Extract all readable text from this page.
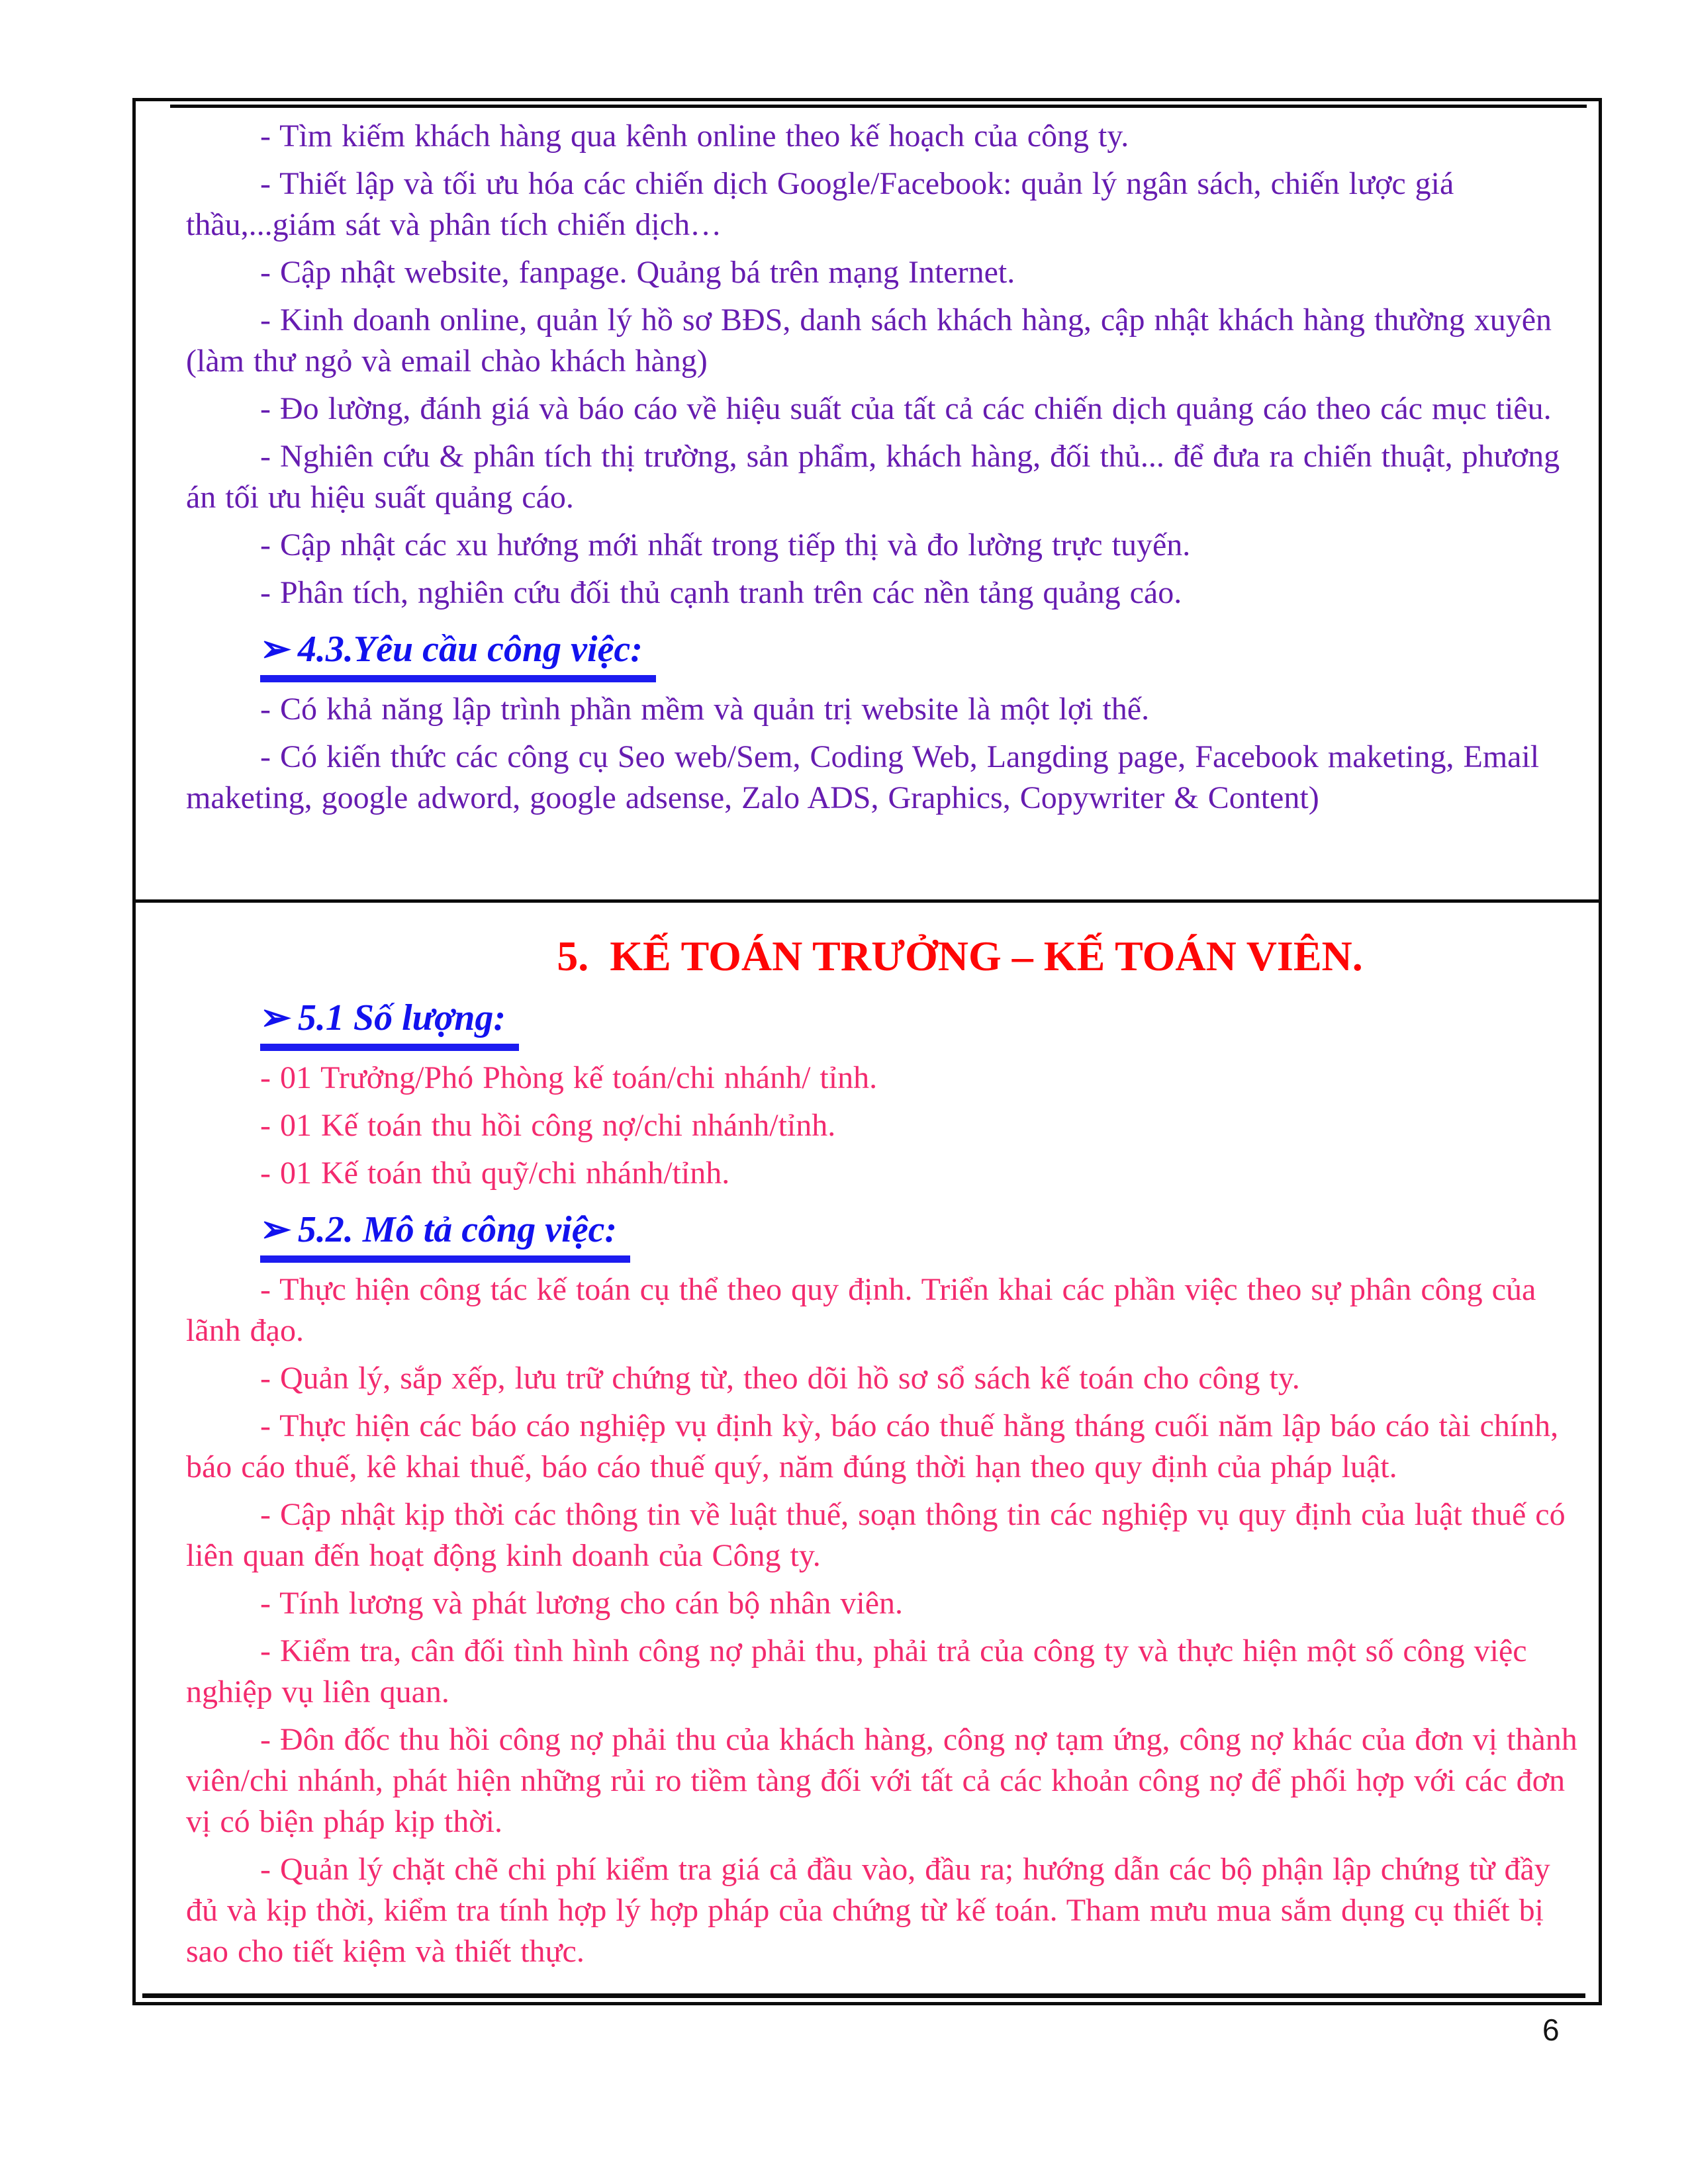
- Tìm kiếm khách hàng qua kênh online theo kế hoạch của công ty.

- Thiết lập và tối ưu hóa các chiến dịch Google/Facebook: quản lý ngân sách, chiến lược giá thầu,...giám sát và phân tích chiến dịch…

- Cập nhật website, fanpage. Quảng bá trên mạng Internet.

- Kinh doanh online, quản lý hồ sơ BĐS, danh sách khách hàng, cập nhật khách hàng thường xuyên (làm thư ngỏ và email chào khách hàng)

- Đo lường, đánh giá và báo cáo về hiệu suất của tất cả các chiến dịch quảng cáo theo các mục tiêu.

- Nghiên cứu & phân tích thị trường, sản phẩm, khách hàng, đối thủ... để đưa ra chiến thuật, phương án tối ưu hiệu suất quảng cáo.

- Cập nhật các xu hướng mới nhất trong tiếp thị và đo lường trực tuyến.

- Phân tích, nghiên cứu đối thủ cạnh tranh trên các nền tảng quảng cáo.

➢ 4.3.Yêu cầu công việc:

- Có khả năng lập trình phần mềm và quản trị website là một lợi thế.

- Có kiến thức các công cụ Seo web/Sem, Coding Web, Langding page, Facebook maketing, Email maketing, google adword, google adsense, Zalo ADS, Graphics, Copywriter & Content)

5.  KẾ TOÁN TRƯỞNG – KẾ TOÁN VIÊN.
➢ 5.1 Số lượng:

- 01 Trưởng/Phó Phòng kế toán/chi nhánh/ tỉnh.

- 01 Kế toán thu hồi công nợ/chi nhánh/tỉnh.

- 01 Kế toán thủ quỹ/chi nhánh/tỉnh.

➢ 5.2. Mô tả công việc:

- Thực hiện công tác kế toán cụ thể theo quy định. Triển khai các phần việc theo sự phân công của lãnh đạo.

- Quản lý, sắp xếp, lưu trữ chứng từ, theo dõi hồ sơ sổ sách kế toán cho công ty.

- Thực hiện các báo cáo nghiệp vụ định kỳ, báo cáo thuế hằng tháng cuối năm lập báo cáo tài chính, báo cáo thuế, kê khai thuế, báo cáo thuế quý, năm đúng thời hạn theo quy định của pháp luật.

- Cập nhật kịp thời các thông tin về luật thuế, soạn thông tin các nghiệp vụ quy định của luật thuế có liên quan đến hoạt động kinh doanh của Công ty.

- Tính lương và phát lương cho cán bộ nhân viên.

- Kiểm tra, cân đối tình hình công nợ phải thu, phải trả của công ty và thực hiện một số công việc nghiệp vụ liên quan.

- Đôn đốc thu hồi công nợ phải thu của khách hàng, công nợ tạm ứng, công nợ khác của đơn vị thành viên/chi nhánh, phát hiện những rủi ro tiềm tàng đối với tất cả các khoản công nợ để phối hợp với các đơn vị có biện pháp kịp thời.

- Quản lý chặt chẽ chi phí kiểm tra giá cả đầu vào, đầu ra; hướng dẫn các bộ phận lập chứng từ đầy đủ và kịp thời, kiểm tra tính hợp lý hợp pháp của chứng từ kế toán. Tham mưu mua sắm dụng cụ thiết bị sao cho tiết kiệm và thiết thực.

6
